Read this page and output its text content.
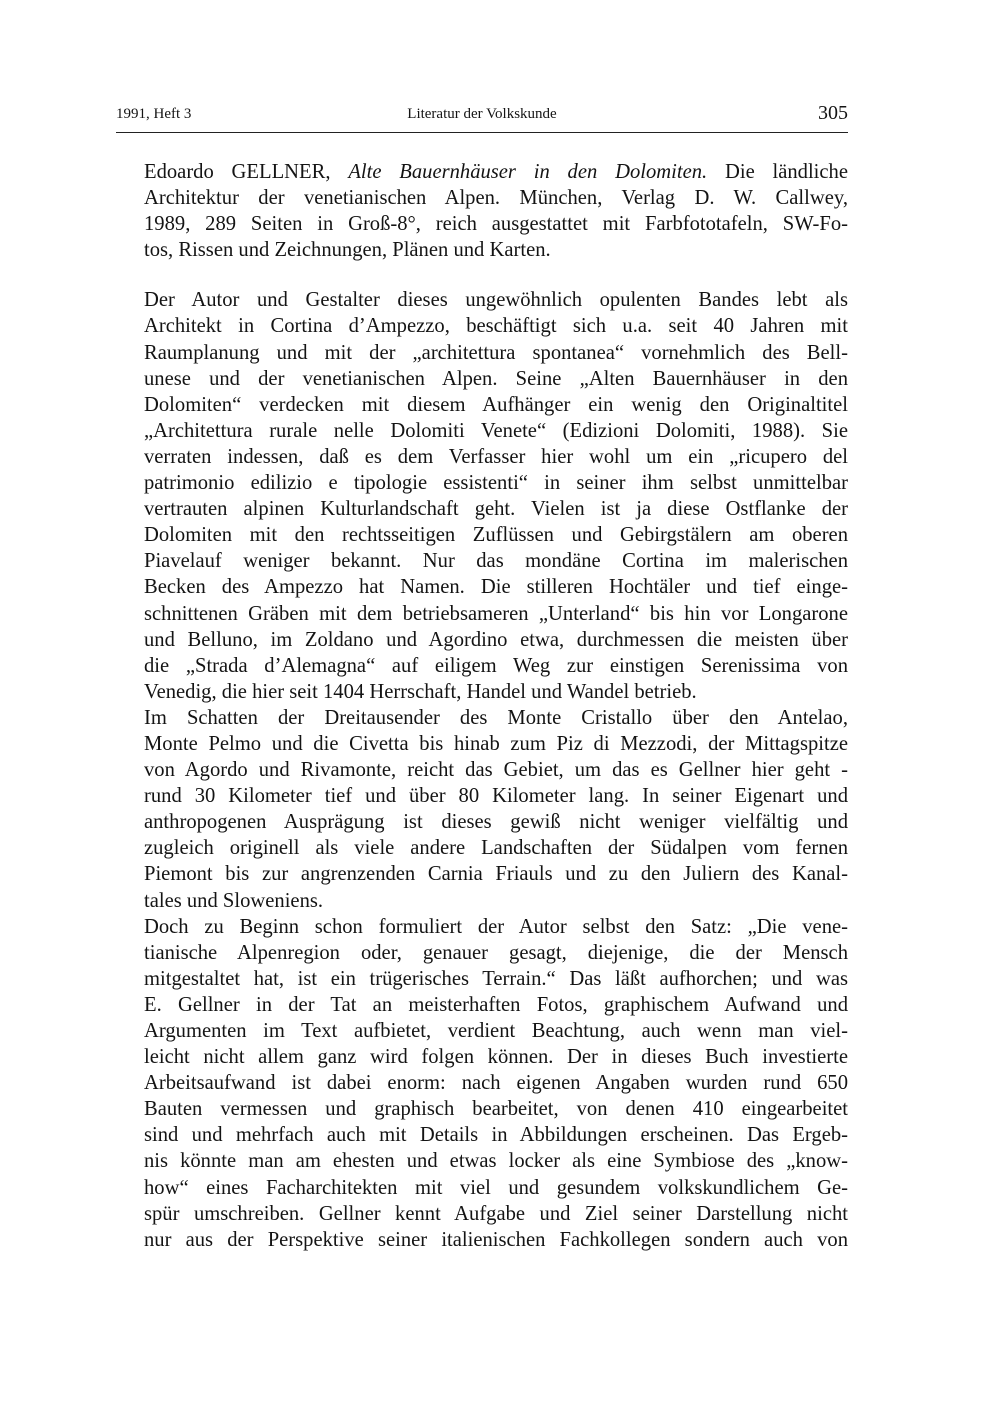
1991, Heft 3	Literatur der Volkskunde	305
Edoardo GELLNER, Alte Bauernhäuser in den Dolomiten. Die ländliche
Architektur der venetianischen Alpen. München, Verlag D. W. Callwey,
1989, 289 Seiten in Groß-8°, reich ausgestattet mit Farbfototafeln, SW-Fo-
tos, Rissen und Zeichnungen, Plänen und Karten.
Der Autor und Gestalter dieses ungewöhnlich opulenten Bandes lebt als
Architekt in Cortina d’Ampezzo, beschäftigt sich u.a. seit 40 Jahren mit
Raumplanung und mit der „architettura spontanea“ vornehmlich des Bell-
unese und der venetianischen Alpen. Seine „Alten Bauernhäuser in den
Dolomiten“ verdecken mit diesem Aufhänger ein wenig den Originaltitel
„Architettura rurale nelle Dolomiti Venete“ (Edizioni Dolomiti, 1988). Sie
verraten indessen, daß es dem Verfasser hier wohl um ein „ricupero del
patrimonio edilizio e tipologie essistenti“ in seiner ihm selbst unmittelbar
vertrauten alpinen Kulturlandschaft geht. Vielen ist ja diese Ostflanke der
Dolomiten mit den rechtsseitigen Zuflüssen und Gebirgstälern am oberen
Piavelauf weniger bekannt. Nur das mondäne Cortina im malerischen
Becken des Ampezzo hat Namen. Die stilleren Hochtäler und tief einge-
schnittenen Gräben mit dem betriebsameren „Unterland“ bis hin vor Longarone
und Belluno, im Zoldano und Agordino etwa, durchmessen die meisten über
die „Strada d’Alemagna“ auf eiligem Weg zur einstigen Serenissima von
Venedig, die hier seit 1404 Herrschaft, Handel und Wandel betrieb.
Im Schatten der Dreitausender des Monte Cristallo über den Antelao,
Monte Pelmo und die Civetta bis hinab zum Piz di Mezzodi, der Mittagspitze
von Agordo und Rivamonte, reicht das Gebiet, um das es Gellner hier geht -
rund 30 Kilometer tief und über 80 Kilometer lang. In seiner Eigenart und
anthropogenen Ausprägung ist dieses gewiß nicht weniger vielfältig und
zugleich originell als viele andere Landschaften der Südalpen vom fernen
Piemont bis zur angrenzenden Carnia Friauls und zu den Juliern des Kanal-
tales und Sloweniens.
Doch zu Beginn schon formuliert der Autor selbst den Satz: „Die vene-
tianische Alpenregion oder, genauer gesagt, diejenige, die der Mensch
mitgestaltet hat, ist ein trügerisches Terrain.“ Das läßt aufhorchen; und was
E. Gellner in der Tat an meisterhaften Fotos, graphischem Aufwand und
Argumenten im Text aufbietet, verdient Beachtung, auch wenn man viel-
leicht nicht allem ganz wird folgen können. Der in dieses Buch investierte
Arbeitsaufwand ist dabei enorm: nach eigenen Angaben wurden rund 650
Bauten vermessen und graphisch bearbeitet, von denen 410 eingearbeitet
sind und mehrfach auch mit Details in Abbildungen erscheinen. Das Ergeb-
nis könnte man am ehesten und etwas locker als eine Symbiose des „know-
how“ eines Facharchitekten mit viel und gesundem volkskundlichem Ge-
spür umschreiben. Gellner kennt Aufgabe und Ziel seiner Darstellung nicht
nur aus der Perspektive seiner italienischen Fachkollegen sondern auch von
